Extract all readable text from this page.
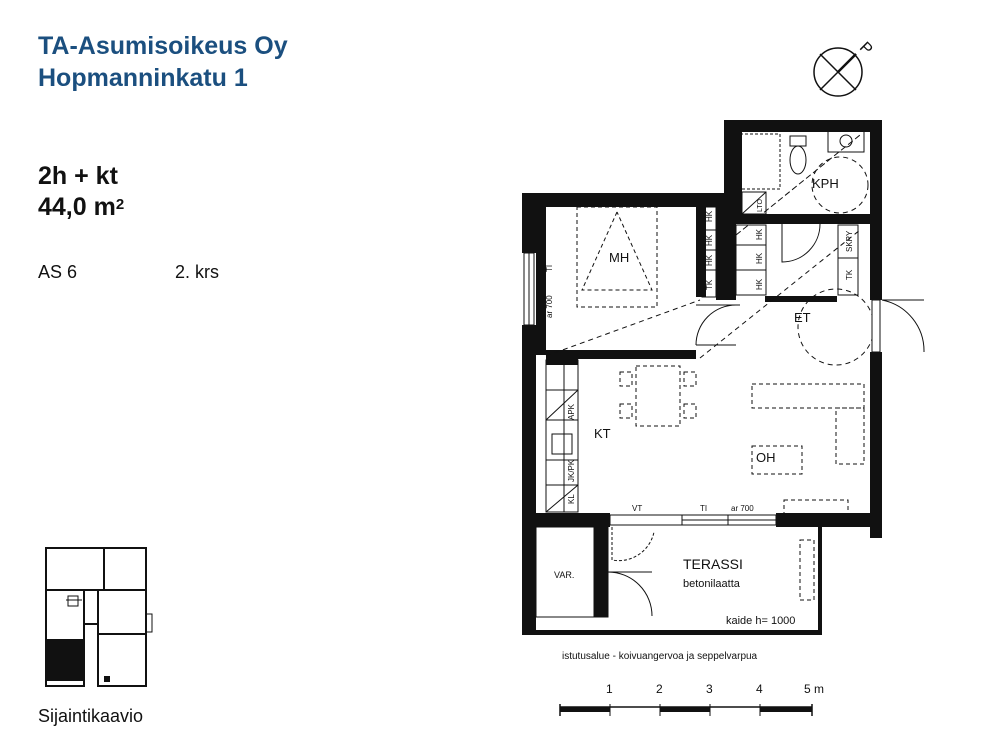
TA-Asumisoikeus Oy
Hopmanninkatu 1
2h + kt
44,0 $m^2$
AS 6	2. krs
Sijaintikaavio
P
KPH
MH
ET
KT
OH
VAR.
TERASSI
betonilaatta
HK
HK
HK
TK
HK
HK
HK
SKPY
TK
LTO
TI
ar 700
APK
JK/PK
KL
VT	TI	ar 700
kaide h= 1000
istutusalue - koivuangervoa ja seppelvarpua
1	2	3	4	5 m
